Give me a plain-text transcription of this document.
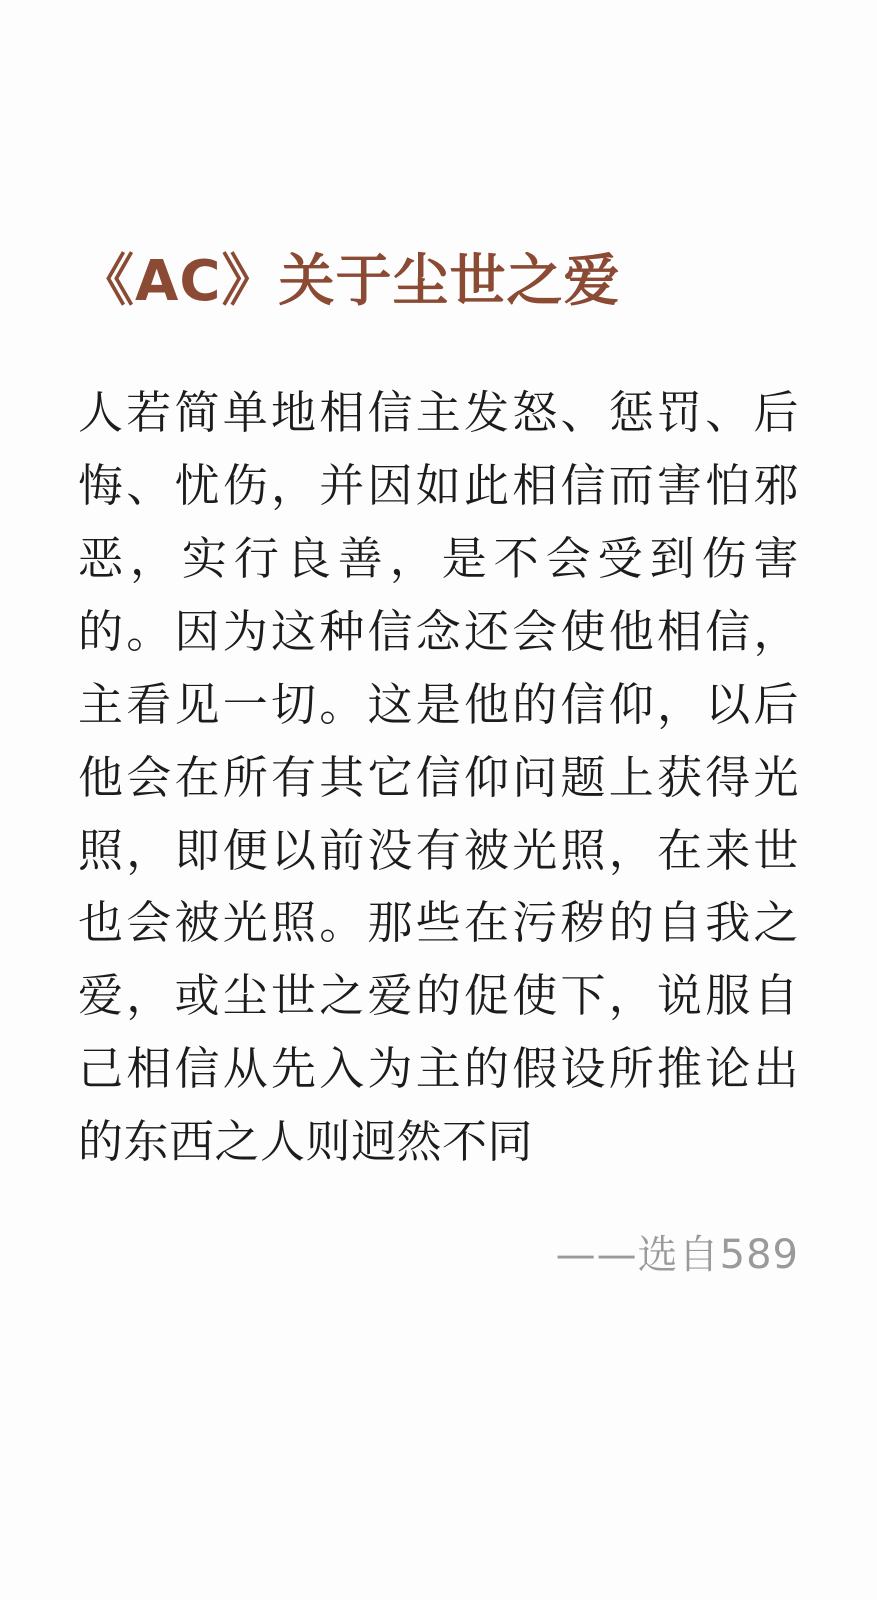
《AC》关于尘世之爱

人若简单地相信主发怒、惩罚、后悔、忧伤，并因如此相信而害怕邪恶，实行良善，是不会受到伤害的。因为这种信念还会使他相信，主看见一切。这是他的信仰，以后他会在所有其它信仰问题上获得光照，即便以前没有被光照，在来世也会被光照。那些在污秽的自我之爱，或尘世之爱的促使下，说服自己相信从先入为主的假设所推论出的东西之人则迥然不同

——选自589
